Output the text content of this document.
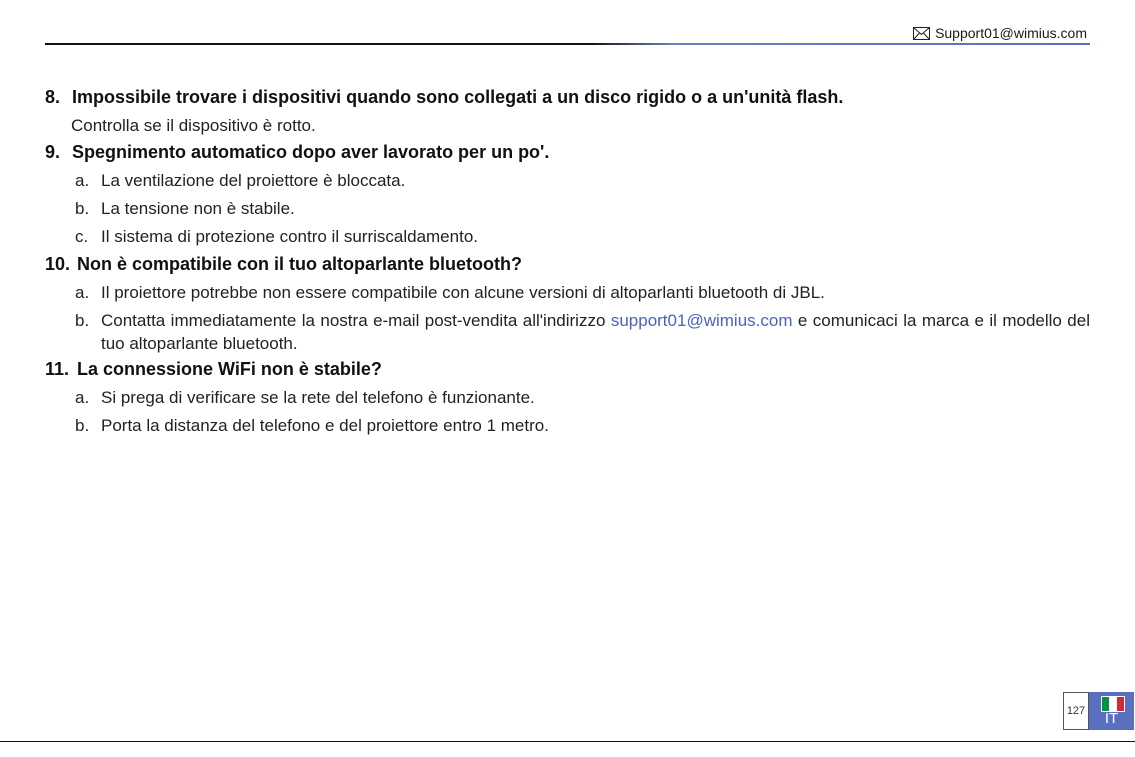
Support01@wimius.com
8. Impossibile trovare i dispositivi quando sono collegati a un disco rigido o a un'unità flash.
Controlla se il dispositivo è rotto.
9. Spegnimento automatico dopo aver lavorato per un po'.
a. La ventilazione del proiettore è bloccata.
b. La tensione non è stabile.
c. Il sistema di protezione contro il surriscaldamento.
10. Non è compatibile con il tuo altoparlante bluetooth?
a. Il proiettore potrebbe non essere compatibile con alcune versioni di altoparlanti bluetooth di JBL.
b. Contatta immediatamente la nostra e-mail post-vendita all'indirizzo support01@wimius.com e comunicaci la marca e il modello del tuo altoparlante bluetooth.
11. La connessione WiFi non è stabile?
a. Si prega di verificare se la rete del telefono è funzionante.
b. Porta la distanza del telefono e del proiettore entro 1 metro.
127	IT
